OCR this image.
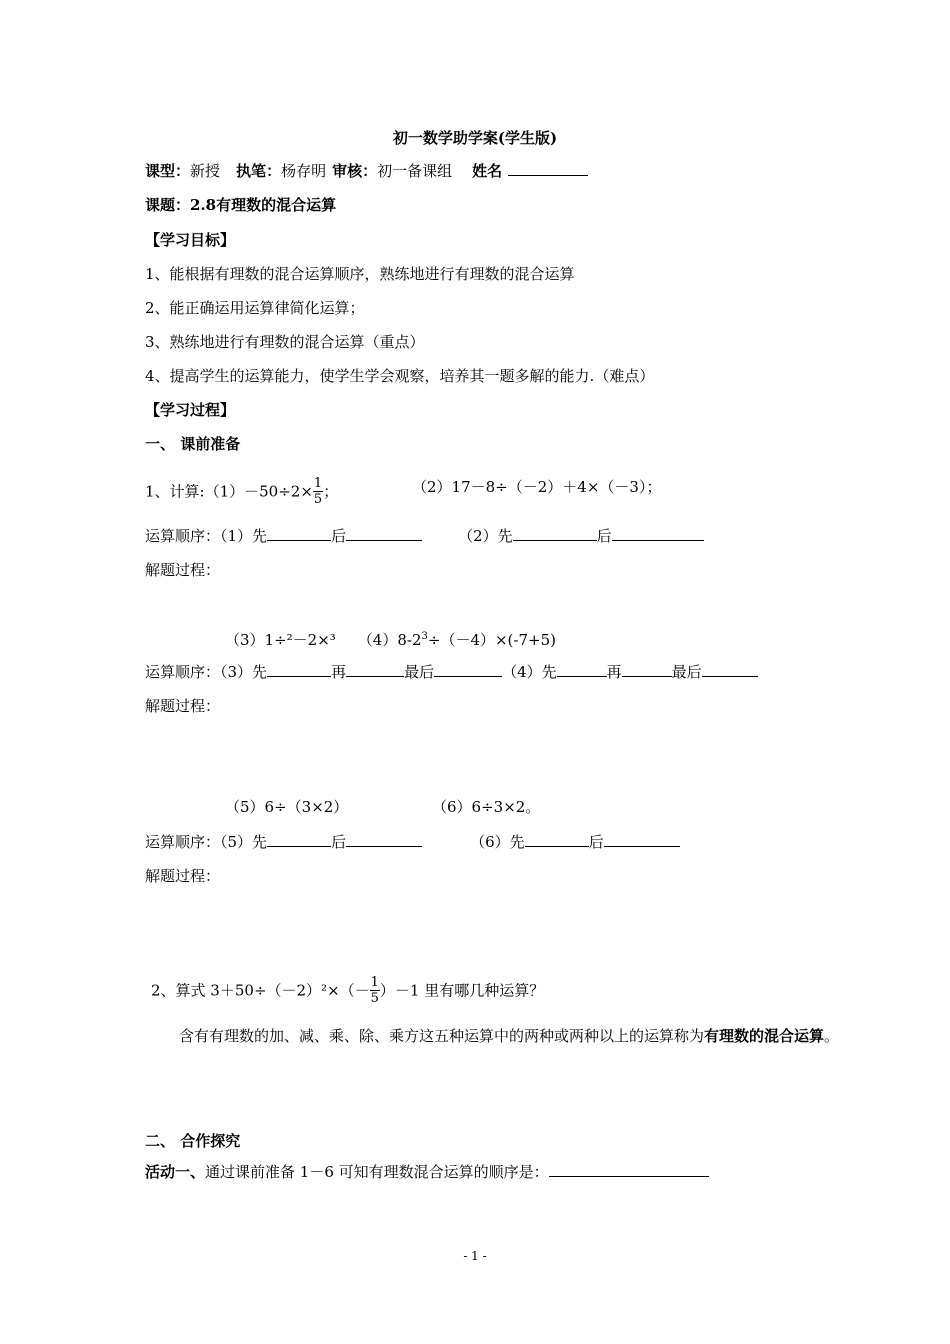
初一数学助学案(学生版)
课型：新授 执笔：杨存明 审核：初一备课组 姓名
课题：2.8有理数的混合运算
【学习目标】
1、能根据有理数的混合运算顺序，熟练地进行有理数的混合运算
2、能正确运用运算律简化运算；
3、熟练地进行有理数的混合运算（重点）
4、提高学生的运算能力，使学生学会观察，培养其一题多解的能力.（难点）
【学习过程】
一、 课前准备
1、计算:（1）－50÷2× $\frac{1}{5}$ ；	（2）17－8÷（－2）＋4×（－3）；
运算顺序：（1）先	后	（2）先	后
解题过程：
（3）1÷²－2×³ $(4)8-2^3\div(-4)\times(-7+5)$
运算顺序：（3）先	再	最后	（4）先	再	最后
解题过程：
（5）6÷（3×2）	（6）6÷3×2。
运算顺序：（5）先	后	（6）先	后
解题过程：
2、算式 $3+50\div(-2)^2\times(- \frac{1}{5} )-1$ 里有哪几种运算？
含有有理数的加、减、乘、除、乘方这五种运算中的两种或两种以上的运算称为有理数的混合运算。
二、 合作探究
活动一、通过课前准备 1－6 可知有理数混合运算的顺序是：
- 1 -
